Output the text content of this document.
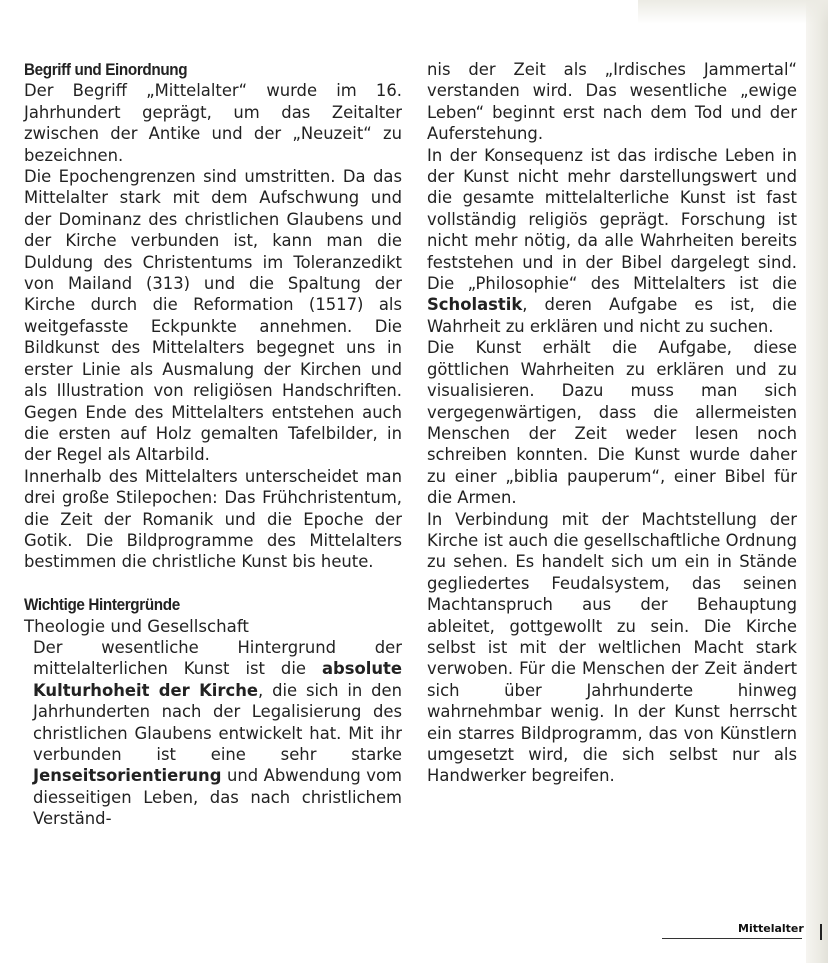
Begriff und Einordnung

Der Begriff „Mittelalter“ wurde im 16. Jahrhundert geprägt, um das Zeitalter zwischen der Antike und der „Neuzeit“ zu bezeichnen.

Die Epochengrenzen sind umstritten. Da das Mittelalter stark mit dem Aufschwung und der Dominanz des christlichen Glaubens und der Kirche verbunden ist, kann man die Duldung des Christentums im Toleranzedikt von Mailand (313) und die Spaltung der Kirche durch die Reformation (1517) als weitgefasste Eckpunkte annehmen. Die Bildkunst des Mittelalters begegnet uns in erster Linie als Ausmalung der Kirchen und als Illustration von religiösen Handschriften. Gegen Ende des Mittelalters entstehen auch die ersten auf Holz gemalten Tafelbilder, in der Regel als Altarbild.

Innerhalb des Mittelalters unterscheidet man drei große Stilepochen: Das Frühchristentum, die Zeit der Romanik und die Epoche der Gotik. Die Bildprogramme des Mittelalters bestimmen die christliche Kunst bis heute.

Wichtige Hintergründe
Theologie und Gesellschaft

Der wesentliche Hintergrund der mittelalterlichen Kunst ist die absolute Kulturhoheit der Kirche, die sich in den Jahrhunderten nach der Legalisierung des christlichen Glaubens entwickelt hat. Mit ihr verbunden ist eine sehr starke Jenseitsorientierung und Abwendung vom diesseitigen Leben, das nach christlichem Verständ-

nis der Zeit als „Irdisches Jammertal“ verstanden wird. Das wesentliche „ewige Leben“ beginnt erst nach dem Tod und der Auferstehung.

In der Konsequenz ist das irdische Leben in der Kunst nicht mehr darstellungswert und die gesamte mittelalterliche Kunst ist fast vollständig religiös geprägt. Forschung ist nicht mehr nötig, da alle Wahrheiten bereits feststehen und in der Bibel dargelegt sind. Die „Philosophie“ des Mittelalters ist die Scholastik, deren Aufgabe es ist, die Wahrheit zu erklären und nicht zu suchen.

Die Kunst erhält die Aufgabe, diese göttlichen Wahrheiten zu erklären und zu visualisieren. Dazu muss man sich vergegenwärtigen, dass die allermeisten Menschen der Zeit weder lesen noch schreiben konnten. Die Kunst wurde daher zu einer „biblia pauperum“, einer Bibel für die Armen.

In Verbindung mit der Machtstellung der Kirche ist auch die gesellschaftliche Ordnung zu sehen. Es handelt sich um ein in Stände gegliedertes Feudalsystem, das seinen Machtanspruch aus der Behauptung ableitet, gottgewollt zu sein. Die Kirche selbst ist mit der weltlichen Macht stark verwoben. Für die Menschen der Zeit ändert sich über Jahrhunderte hinweg wahrnehmbar wenig. In der Kunst herrscht ein starres Bildprogramm, das von Künstlern umgesetzt wird, die sich selbst nur als Handwerker begreifen.

Mittelalter
